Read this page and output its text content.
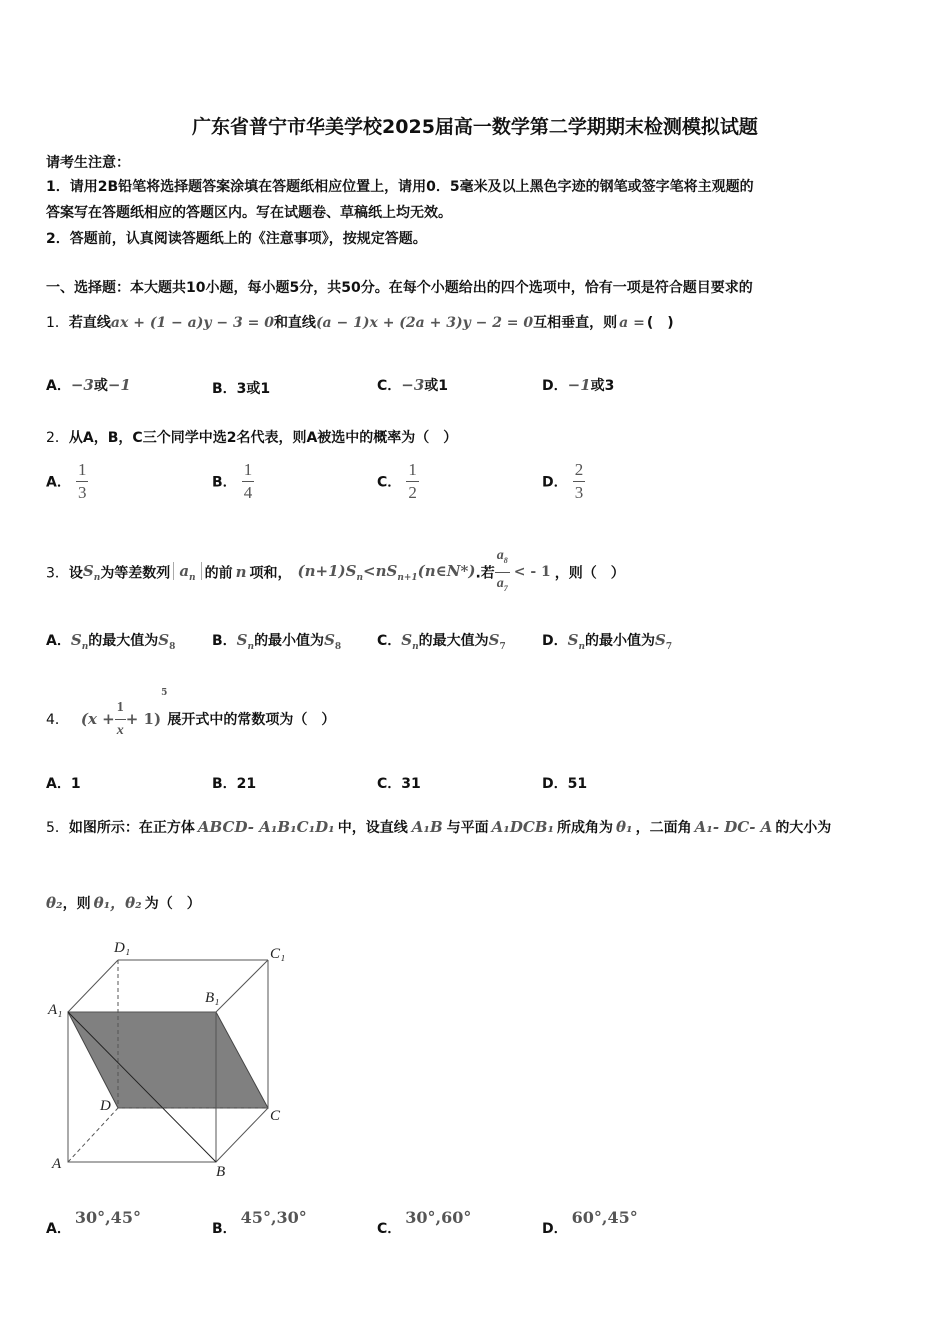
广东省普宁市华美学校2025届高一数学第二学期期末检测模拟试题
请考生注意：
1．请用2B铅笔将选择题答案涂填在答题纸相应位置上，请用0．5毫米及以上黑色字迹的钢笔或签字笔将主观题的
答案写在答题纸相应的答题区内。写在试题卷、草稿纸上均无效。
2．答题前，认真阅读答题纸上的《注意事项》，按规定答题。
一、选择题：本大题共10小题，每小题5分，共50分。在每个小题给出的四个选项中，恰有一项是符合题目要求的
1．若直线ax + (1 − a)y − 3 = 0和直线(a − 1)x + (2a + 3)y − 2 = 0互相垂直，则 a = (　)
A．−3或−1	B．3或1	C．−3或1	D．−1或3
2．从A，B，C三个同学中选2名代表，则A被选中的概率为（　）
A． $\frac{1}{3}$	B． $\frac{1}{4}$	C． $\frac{1}{2}$	D． $\frac{2}{3}$
3．设$S_n$为等差数列 $a_n$ 的前 n 项和， $(n+1)S_n<nS_{n+1}(n\in N*)$.若 $\frac{a_8}{a_7}$ < - 1 ，则（　）
A．$S_n$的最大值为$S_8$	B．$S_n$的最小值为$S_8$	C．$S_n$的最大值为$S_7$	D．$S_n$的最小值为$S_7$
4． $(x + \frac{1}{x} + 1)^5$展开式中的常数项为（　）
A．1	B．21	C．31	D．51
5．如图所示：在正方体 ABCD- A₁B₁C₁D₁ 中，设直线 A₁B 与平面 A₁DCB₁ 所成角为 θ₁ ，二面角 A₁- DC- A 的大小为
θ₂，则 θ₁，θ₂ 为（　）
D₁	C₁
A₁
B₁
D
C
A	B
A．30°,45°
B．45°,30°
C．30°,60°
D．60°,45°
